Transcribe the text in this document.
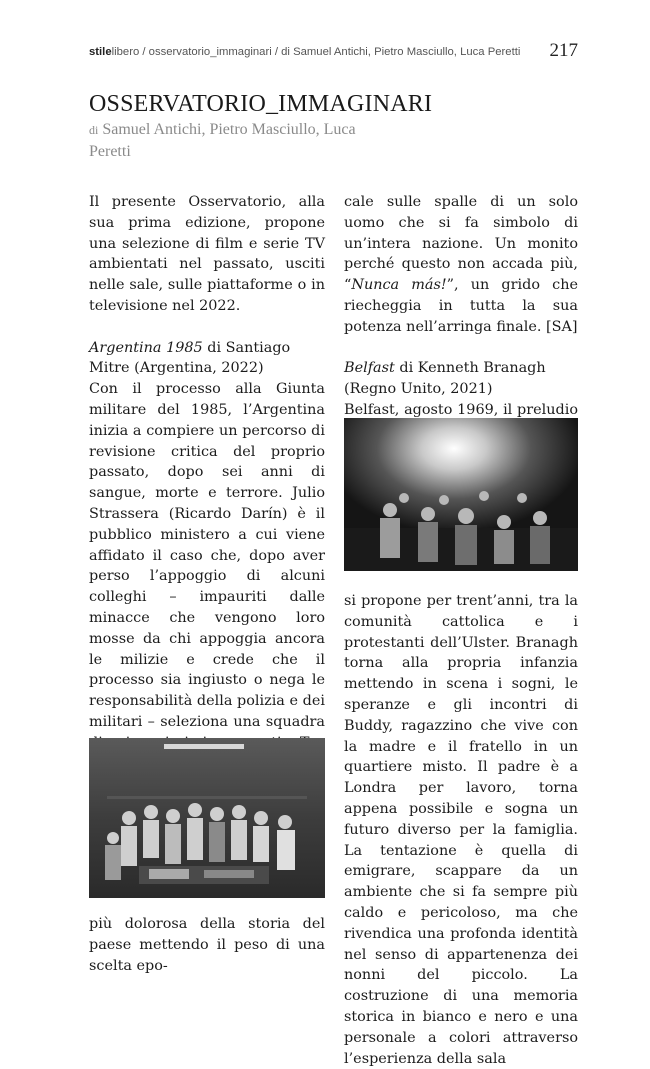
stilelibero / osservatorio_immaginari / di Samuel Antichi, Pietro Masciullo, Luca Peretti	217
OSSERVATORIO_IMMAGINARI
di Samuel Antichi, Pietro Masciullo, Luca Peretti

Il presente Osservatorio, alla sua prima edizione, propone una selezione di film e serie TV ambientati nel passato, usciti nelle sale, sulle piattaforme o in televisione nel 2022.

Argentina 1985 di Santiago Mitre (Argentina, 2022)

Con il processo alla Giunta militare del 1985, l’Argentina inizia a compiere un percorso di revisione critica del proprio passato, dopo sei anni di sangue, morte e terrore. Julio Strassera (Ricardo Darín) è il pubblico ministero a cui viene affidato il caso che, dopo aver perso l’appoggio di alcuni colleghi – impauriti dalle minacce che vengono loro mosse da chi appoggia ancora le milizie e crede che il processo sia ingiusto o nega le responsabilità della polizia e dei militari – seleziona una squadra

più dolorosa della storia del paese mettendo il peso di una scelta epo-

cale sulle spalle di un solo uomo che si fa simbolo di un’intera nazione. Un monito perché questo non accada più, “Nunca más!”, un grido che riecheggia in tutta la sua potenza nell’arringa finale. [SA]

Belfast di Kenneth Branagh (Regno Unito, 2021)

Belfast, agosto 1969, il preludio

si propone per trent’anni, tra la comunità cattolica e i protestanti dell’Ulster. Branagh torna alla propria infanzia mettendo in scena i sogni, le speranze e gli incontri di Buddy, ragazzino che vive con la madre e il fratello in un quartiere misto. Il padre è a Londra per lavoro, torna appena possibile e sogna un futuro diverso per la famiglia. La tentazione è quella di emigrare, scappare da un ambiente che si fa sempre più caldo e pericoloso, ma che rivendica una profonda identità nel senso di appartenenza dei nonni del piccolo. La costruzione di una memoria storica in bianco e nero e una personale a colori attraverso l’esperienza della sala
